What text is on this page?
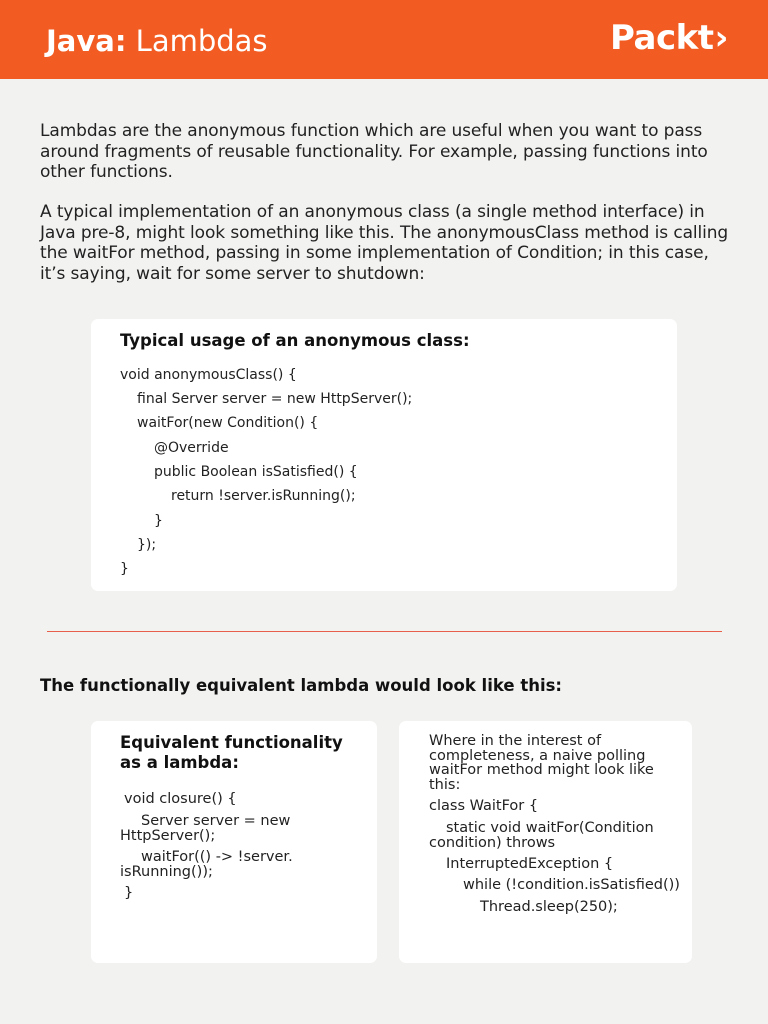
Java: Lambdas	Packt›
Lambdas are the anonymous function which are useful when you want to pass around fragments of reusable functionality. For example, passing functions into other functions.
A typical implementation of an anonymous class (a single method interface) in Java pre-8, might look something like this. The anonymousClass method is calling the waitFor method, passing in some implementation of Condition; in this case, it’s saying, wait for some server to shutdown:
Typical usage of an anonymous class:
void anonymousClass() {
final Server server = new HttpServer();
waitFor(new Condition() {
@Override
public Boolean isSatisfied() {
return !server.isRunning();
}
});
}
The functionally equivalent lambda would look like this:
Equivalent functionality
as a lambda:
void closure() {
Server server = new
HttpServer();
waitFor(() -> !server.
isRunning());
}
Where in the interest of
completeness, a naive polling
waitFor method might look like
this:
class WaitFor {
static void waitFor(Condition
condition) throws
InterruptedException {
while (!condition.isSatisfied())
Thread.sleep(250);
